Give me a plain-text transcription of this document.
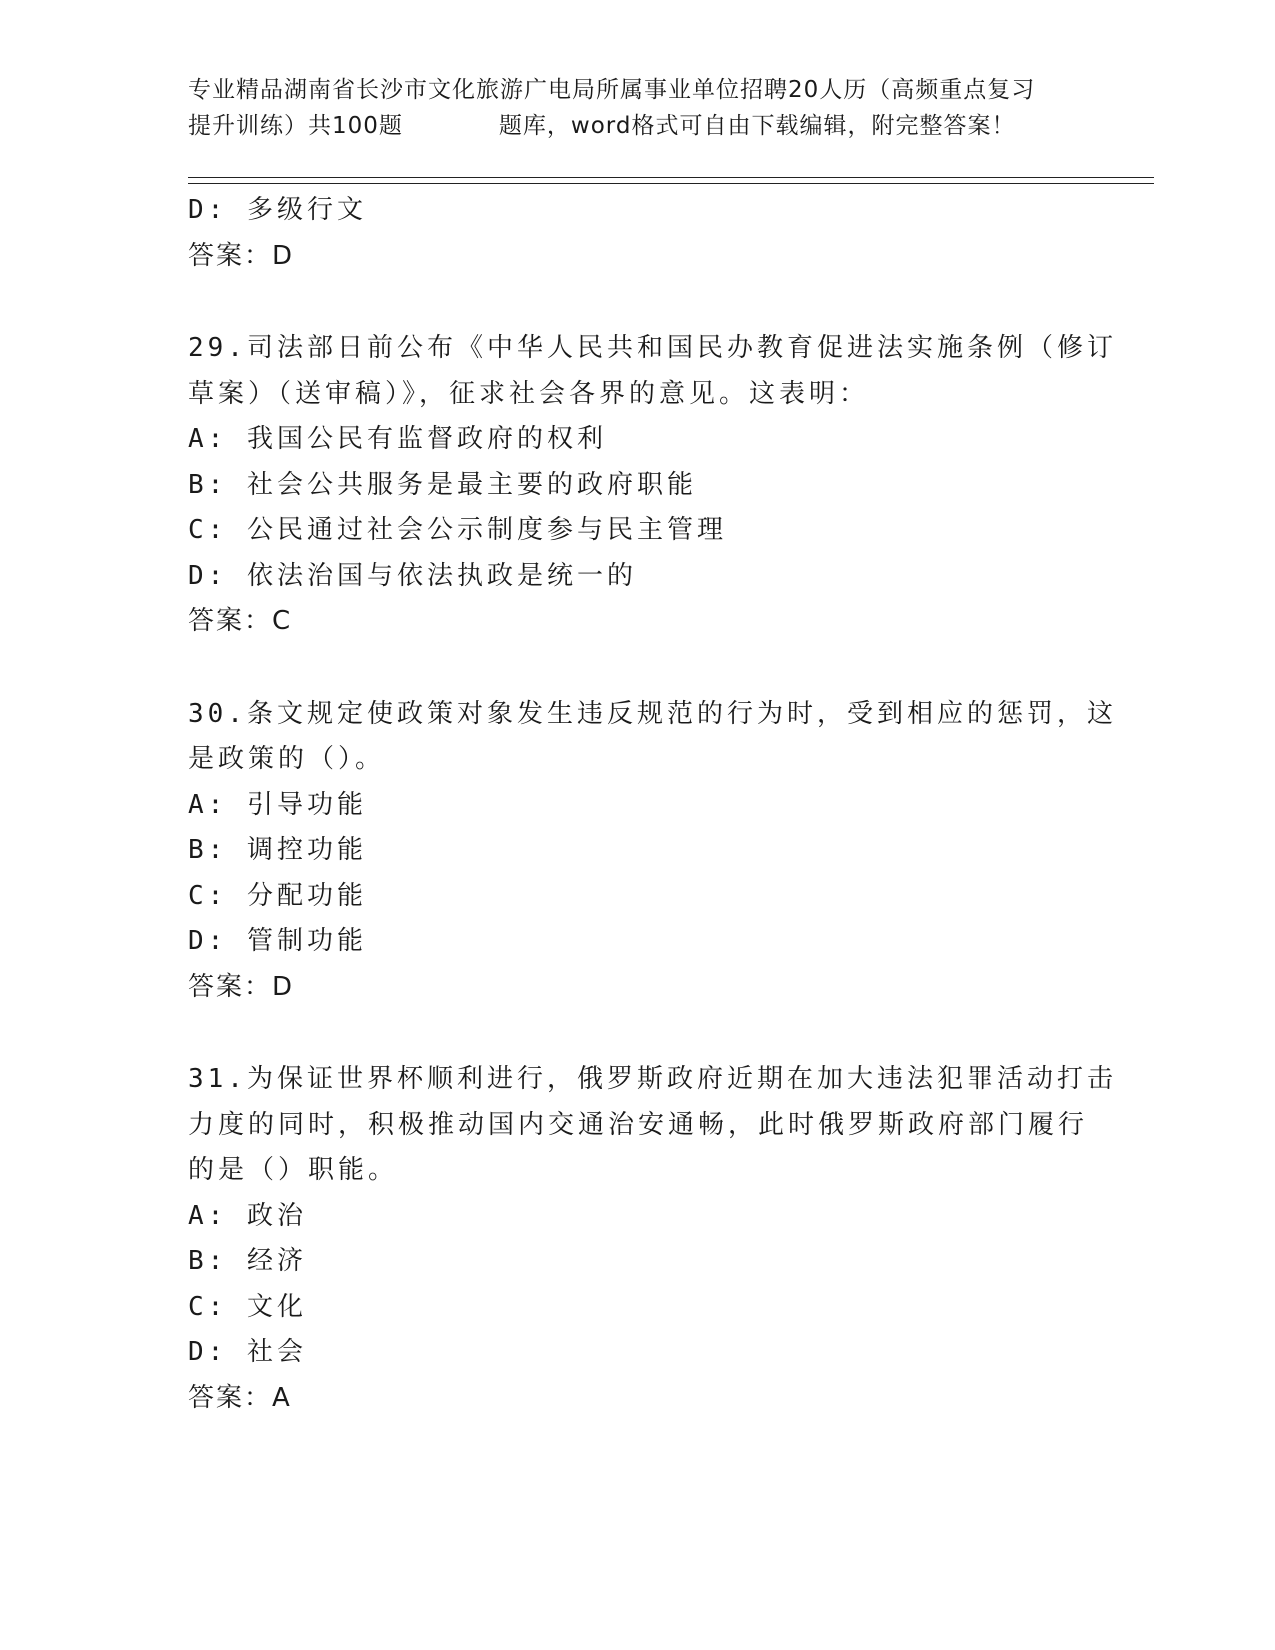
专业精品湖南省长沙市文化旅游广电局所属事业单位招聘20人历（高频重点复习
提升训练）共100题	题库，word格式可自由下载编辑，附完整答案！
D: 多级行文
答案：D
29.司法部日前公布《中华人民共和国民办教育促进法实施条例（修订
草案）（送审稿）》，征求社会各界的意见。这表明：
A: 我国公民有监督政府的权利
B: 社会公共服务是最主要的政府职能
C: 公民通过社会公示制度参与民主管理
D: 依法治国与依法执政是统一的
答案：C
30.条文规定使政策对象发生违反规范的行为时，受到相应的惩罚，这
是政策的（）。
A: 引导功能
B: 调控功能
C: 分配功能
D: 管制功能
答案：D
31.为保证世界杯顺利进行，俄罗斯政府近期在加大违法犯罪活动打击
力度的同时，积极推动国内交通治安通畅，此时俄罗斯政府部门履行
的是（）职能。
A: 政治
B: 经济
C: 文化
D: 社会
答案：A
